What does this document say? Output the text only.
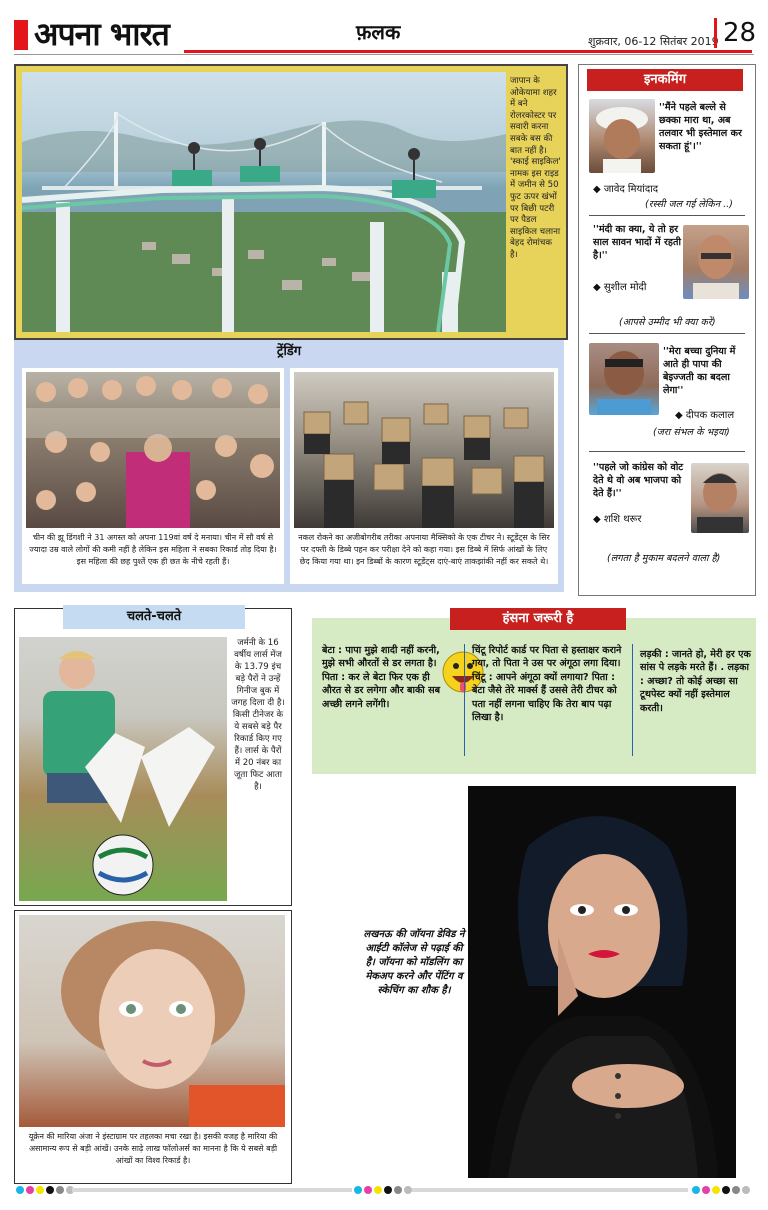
अपना भारत	फ़लक	शुक्रवार, 06-12 सितंबर 2019 28
जापान के ओकेयामा शहर में बने रोलरकोस्टर पर सवारी करना सबके बस की बात नहीं है। 'स्काई साइकिल' नामक इस राइड में जमीन से 50 फुट ऊपर खंभों पर बिछी पटरी पर पैडल साइकिल चलाना बेहद रोमांचक है।
ट्रेंडिंग
चीन की झू डिंगशी ने 31 अगस्त को अपना 119वां वर्ष दे मनाया। चीन में सौ वर्ष से ज्यादा उम्र वाले लोगों की कमी नहीं है लेकिन इस महिला ने सबका रिकार्ड तोड़ दिया है। इस महिला की छह पुश्तें एक ही छत के नीचे रहती हैं।
नकल रोकने का अजीबोगरीब तरीका अपनाया मैक्सिको के एक टीचर ने। स्टूडेंट्स के सिर पर दफ्ती के डिब्बे पहन कर परीक्षा देने को कहा गया। इस डिब्बे में सिर्फ आंखों के लिए छेद किया गया था। इन डिब्बों के कारण स्टूडेंट्स दाएं-बाएं ताकझांकी नहीं कर सकते थे।
इनकमिंग
''मैंने पहले बल्ले से छक्का मारा था, अब तलवार भी इस्तेमाल कर सकता हूं'।''
◆ जावेद मियांदाद
(रस्सी जल गई लेकिन ..)
''मंदी का क्या, ये तो हर साल सावन भादों में रहती है।''
◆ सुशील मोदी
(आपसे उम्मीद भी क्या करें)
''मेरा बच्चा दुनिया में आते ही पापा की बेइज्जती का बदला लेगा''
◆ दीपक कलाल
(जरा संभल के भइया)
''पहले जो कांग्रेस को वोट देते थे वो अब भाजपा को देते हैं।''
◆ शशि थरूर
(लगता है मुकाम बदलने वाला है)
चलते-चलते
जर्मनी के 16 वर्षीय लार्स मेंज के 13.79 इंच बड़े पैरों ने उन्हें गिनीज बुक में जगह दिला दी है। किसी टीनेजर के ये सबसे बड़े पैर रिकार्ड किए गए हैं। लार्स के पैरों में 20 नंबर का जूता फिट आता है।
यूक्रेन की मारिया अंजा ने इंस्टाग्राम पर तहलका मचा रखा है। इसकी वजह है मारिया की असामान्य रूप से बड़ी आंखें। उनके साढ़े लाख फॉलोअर्स का मानना है कि ये सबसे बड़ी आंखों का विश्व रिकार्ड है।
हंसना जरूरी है
बेटा : पापा मुझे शादी नहीं करनी, मुझे सभी औरतों से डर लगता है। पिता : कर ले बेटा फिर एक ही औरत से डर लगेगा और बाकी सब अच्छी लगने लगेंगी।
चिंटू रिपोर्ट कार्ड पर पिता से हस्ताक्षर कराने गया, तो पिता ने उस पर अंगूठा लगा दिया। चिंटू : आपने अंगूठा क्यों लगाया? पिता : बेटा जैसे तेरे मार्क्स हैं उससे तेरी टीचर को पता नहीं लगना चाहिए कि तेरा बाप पढ़ा लिखा है।
लड़की : जानते हो, मेरी हर एक सांस पे लड़के मरते हैं। . लड़का : अच्छा? तो कोई अच्छा सा टूथपेस्ट क्यों नहीं इस्तेमाल करती।
लखनऊ की जॉयना डेविड ने आईटी कॉलेज से पढ़ाई की है। जॉयना को मॉडलिंग का मेकअप करने और पेंटिंग व स्केचिंग का शौक है।
